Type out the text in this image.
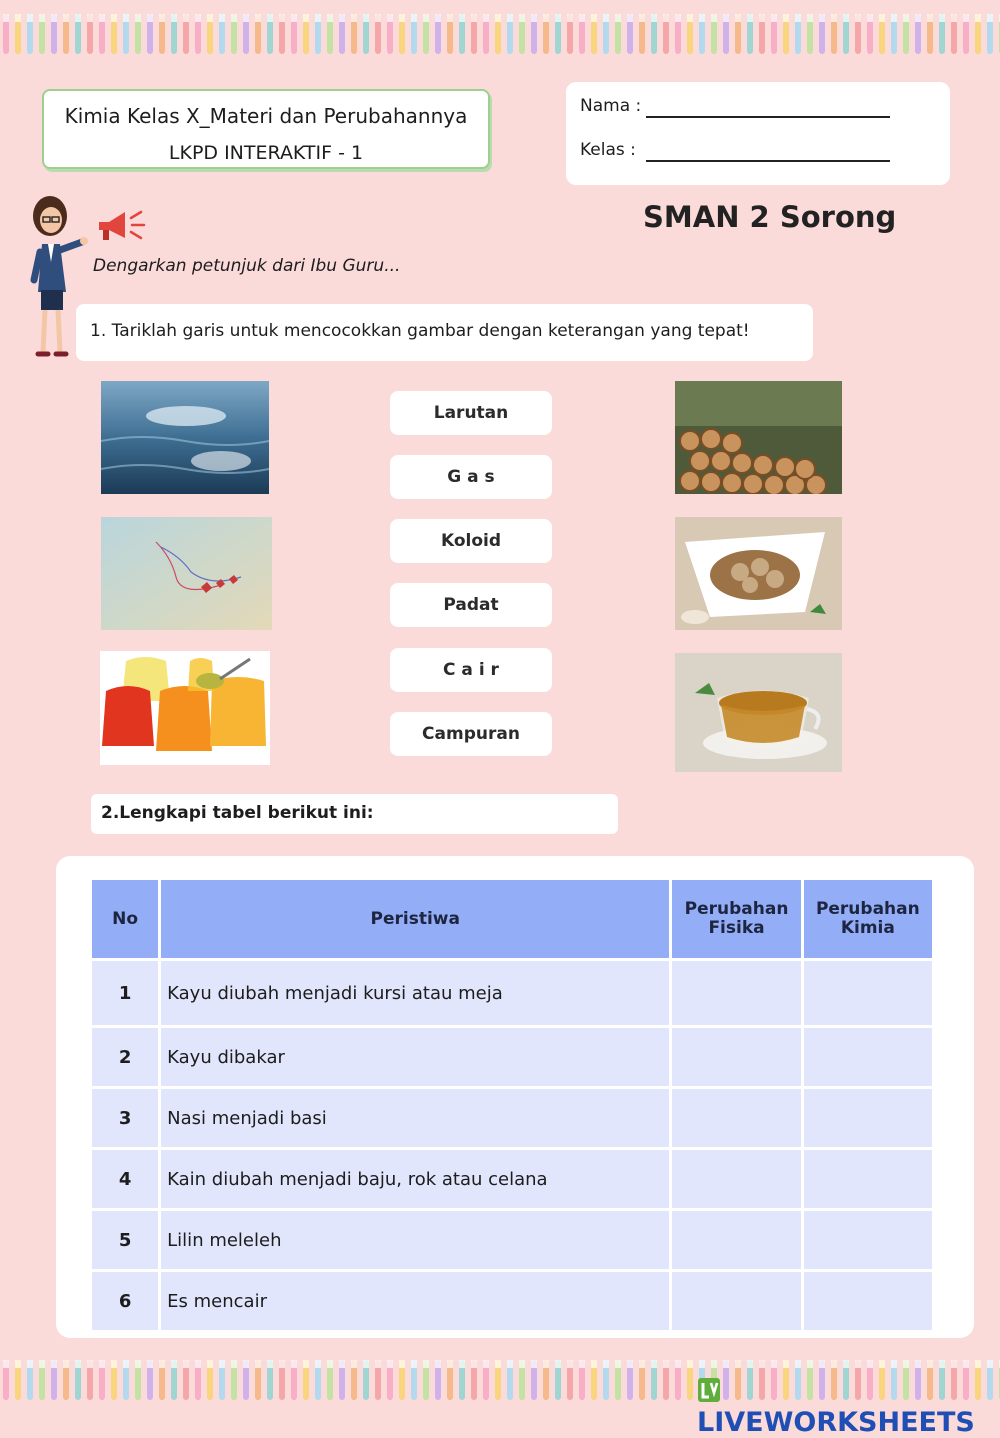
Kimia Kelas X_Materi dan Perubahannya
LKPD INTERAKTIF - 1
Nama :
Kelas :
SMAN 2 Sorong
Dengarkan petunjuk dari Ibu Guru...
1. Tariklah garis untuk mencocokkan gambar dengan keterangan yang tepat!
Larutan
G a s
Koloid
Padat
C a i r
Campuran
2.Lengkapi tabel berikut ini:
No	Peristiwa	Perubahan Fisika	Perubahan Kimia
1	Kayu diubah menjadi kursi atau meja		
2	Kayu dibakar		
3	Nasi menjadi basi		
4	Kain diubah menjadi baju, rok atau celana		
5	Lilin meleleh		
6	Es mencair		
LIVEWORKSHEETS
